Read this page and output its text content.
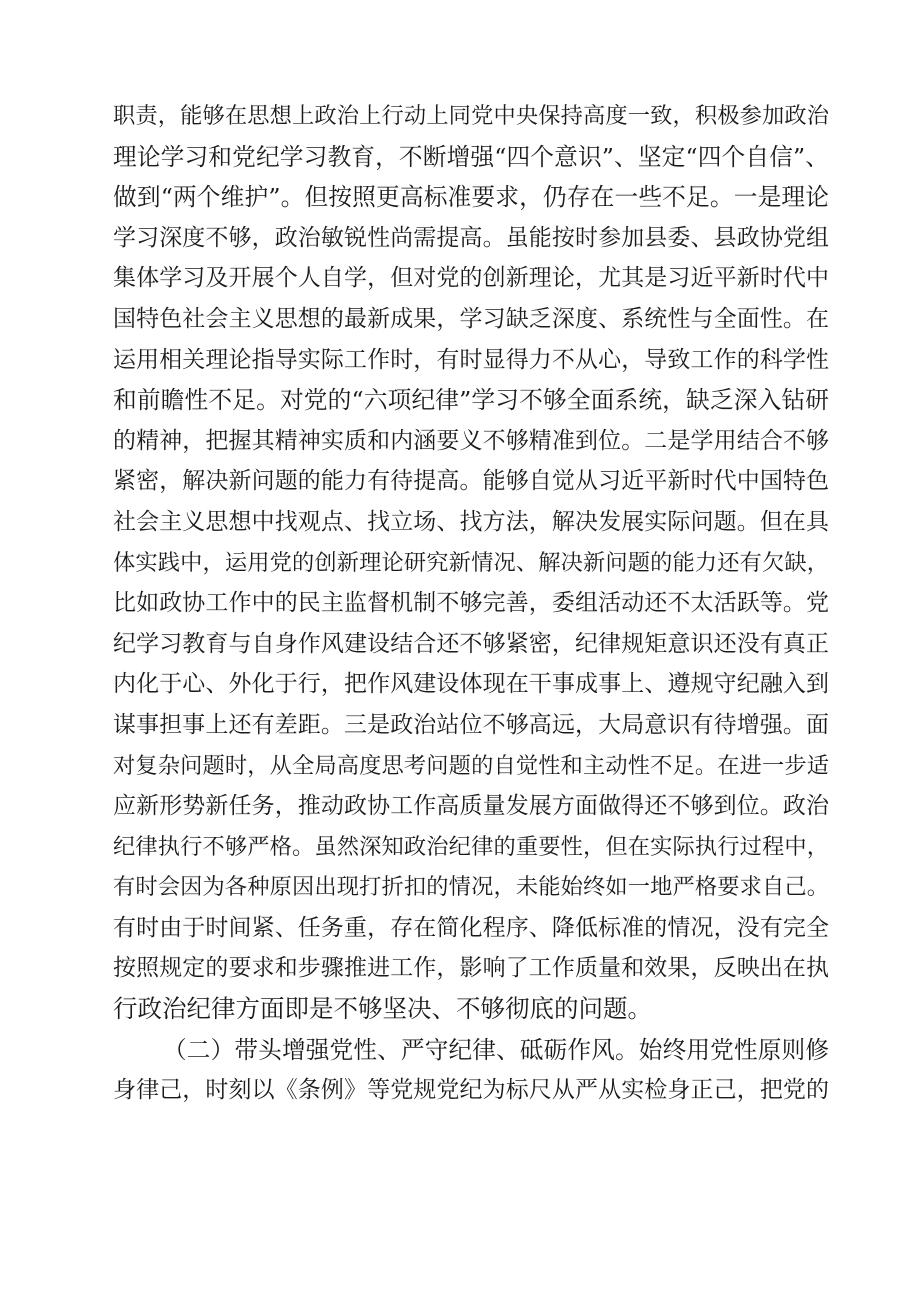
职责，能够在思想上政治上行动上同党中央保持高度一致，积极参加政治
理论学习和党纪学习教育，不断增强“四个意识”、坚定“四个自信”、
做到“两个维护”。但按照更高标准要求，仍存在一些不足。一是理论
学习深度不够，政治敏锐性尚需提高。虽能按时参加县委、县政协党组
集体学习及开展个人自学，但对党的创新理论，尤其是习近平新时代中
国特色社会主义思想的最新成果，学习缺乏深度、系统性与全面性。在
运用相关理论指导实际工作时，有时显得力不从心，导致工作的科学性
和前瞻性不足。对党的“六项纪律”学习不够全面系统，缺乏深入钻研
的精神，把握其精神实质和内涵要义不够精准到位。二是学用结合不够
紧密，解决新问题的能力有待提高。能够自觉从习近平新时代中国特色
社会主义思想中找观点、找立场、找方法，解决发展实际问题。但在具
体实践中，运用党的创新理论研究新情况、解决新问题的能力还有欠缺，
比如政协工作中的民主监督机制不够完善，委组活动还不太活跃等。党
纪学习教育与自身作风建设结合还不够紧密，纪律规矩意识还没有真正
内化于心、外化于行，把作风建设体现在干事成事上、遵规守纪融入到
谋事担事上还有差距。三是政治站位不够高远，大局意识有待增强。面
对复杂问题时，从全局高度思考问题的自觉性和主动性不足。在进一步适
应新形势新任务，推动政协工作高质量发展方面做得还不够到位。政治
纪律执行不够严格。虽然深知政治纪律的重要性，但在实际执行过程中，
有时会因为各种原因出现打折扣的情况，未能始终如一地严格要求自己。
有时由于时间紧、任务重，存在简化程序、降低标准的情况，没有完全
按照规定的要求和步骤推进工作，影响了工作质量和效果，反映出在执
行政治纪律方面即是不够坚决、不够彻底的问题。
（二）带头增强党性、严守纪律、砥砺作风。始终用党性原则修
身律己，时刻以《条例》等党规党纪为标尺从严从实检身正己，把党的
